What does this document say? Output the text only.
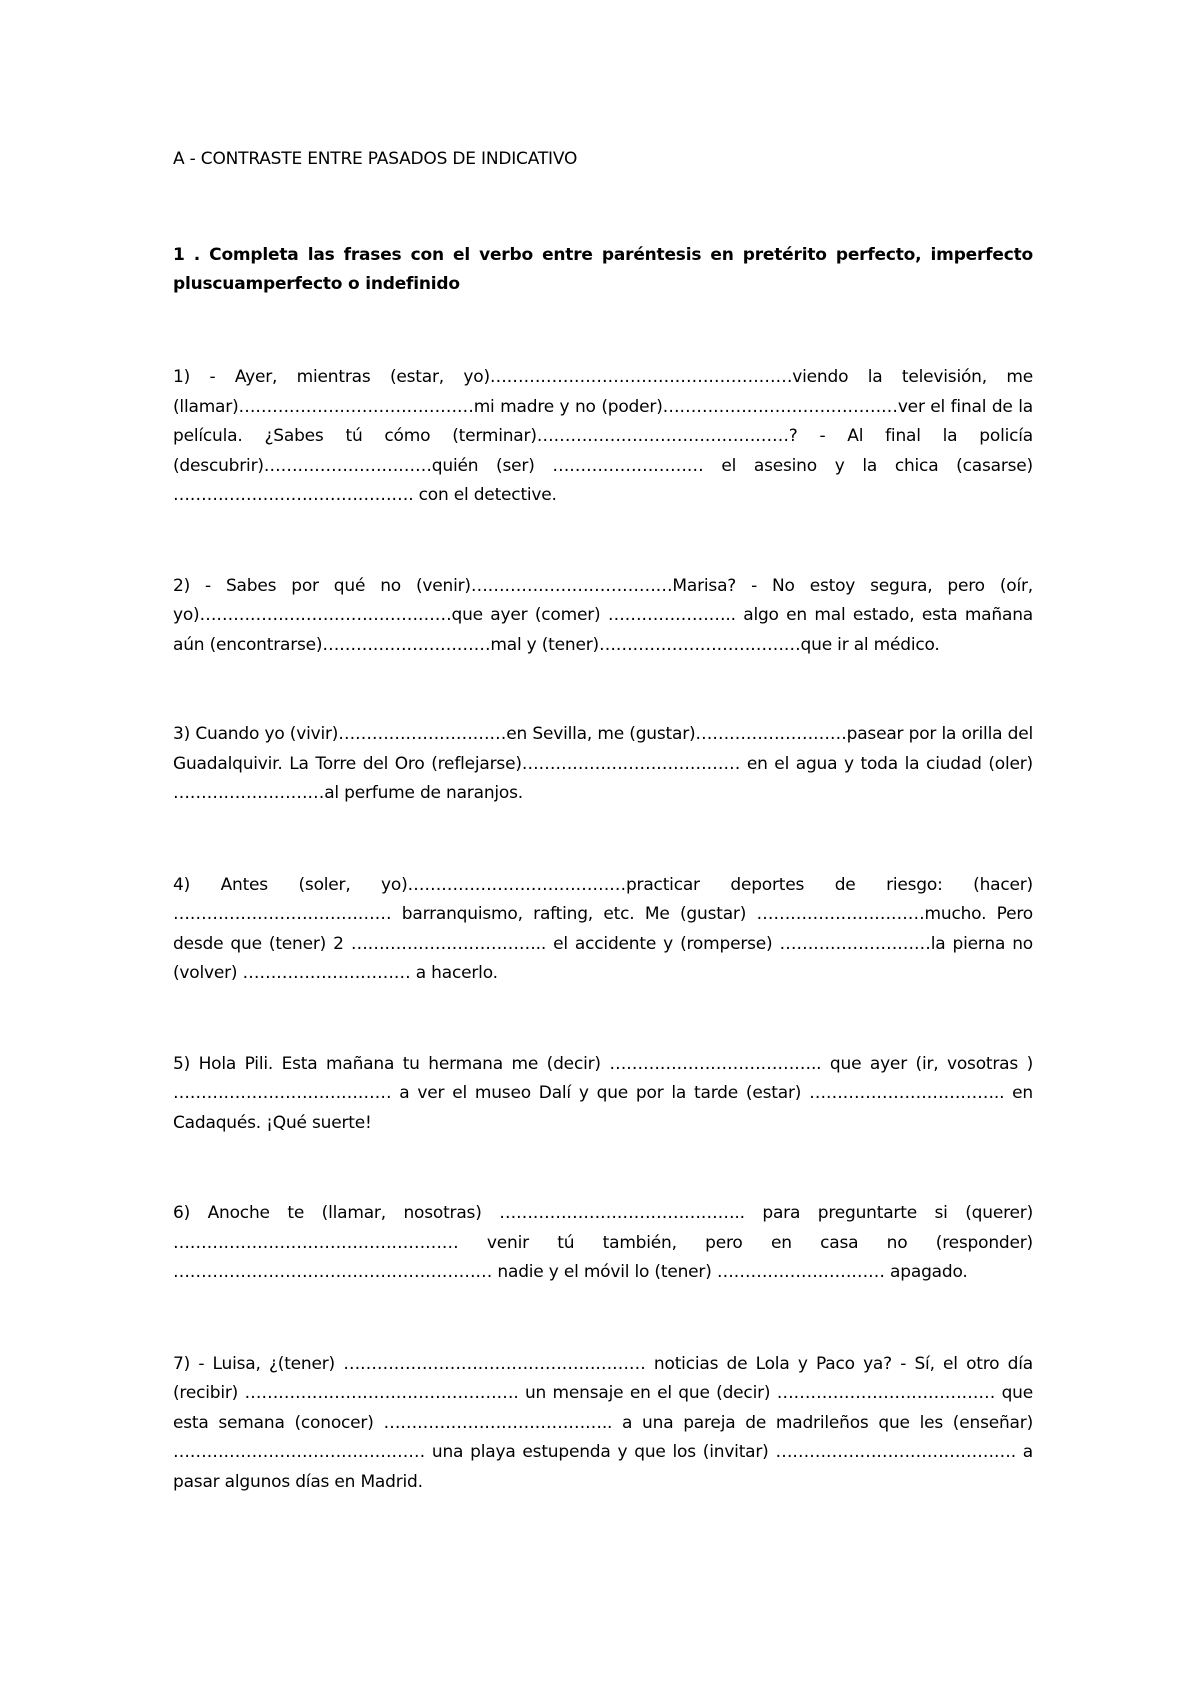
A - CONTRASTE ENTRE PASADOS DE INDICATIVO
1 . Completa las frases con el verbo entre paréntesis en pretérito perfecto, imperfecto pluscuamperfecto o indefinido

1) - Ayer, mientras (estar, yo)………………………………………………viendo la televisión, me (llamar)……………………………………mi madre y no (poder)……………………………………ver el final de la película. ¿Sabes tú cómo (terminar)………………………………………? - Al final la policía (descubrir)…………………………quién (ser) ……………………… el asesino y la chica (casarse) ……………………………………. con el detective.

2) - Sabes por qué no (venir)………………………………Marisa? - No estoy segura, pero (oír, yo)………………………………………que ayer (comer) ………………….. algo en mal estado, esta mañana aún (encontrarse)…………………………mal y (tener)………………………………que ir al médico.

3) Cuando yo (vivir)…………………………en Sevilla, me (gustar)………………………pasear por la orilla del Guadalquivir. La Torre del Oro (reflejarse)………………………………… en el agua y toda la ciudad (oler) ………………………al perfume de naranjos.

4) Antes (soler, yo)…………………………………practicar deportes de riesgo: (hacer) ………………………………… barranquismo, rafting, etc. Me (gustar) …………………………mucho. Pero desde que (tener) 2 …………………………….. el accidente y (romperse) ………………………la pierna no (volver) ………………………… a hacerlo.

5) Hola Pili. Esta mañana tu hermana me (decir) ……………………………….. que ayer (ir, vosotras ) ………………………………… a ver el museo Dalí y que por la tarde (estar) …………………………….. en Cadaqués. ¡Qué suerte!

6) Anoche te (llamar, nosotras) …………………………………….. para preguntarte si (querer) …………………………………………… venir tú también, pero en casa no (responder) ………………………………………………… nadie y el móvil lo (tener) ………………………… apagado.

7) - Luisa, ¿(tener) ……………………………………………… noticias de Lola y Paco ya? - Sí, el otro día (recibir) …………………………………………. un mensaje en el que (decir) ………………………………… que esta semana (conocer) ………………………………….. a una pareja de madrileños que les (enseñar) ……………………………………… una playa estupenda y que los (invitar) ……………………………………. a pasar algunos días en Madrid.
